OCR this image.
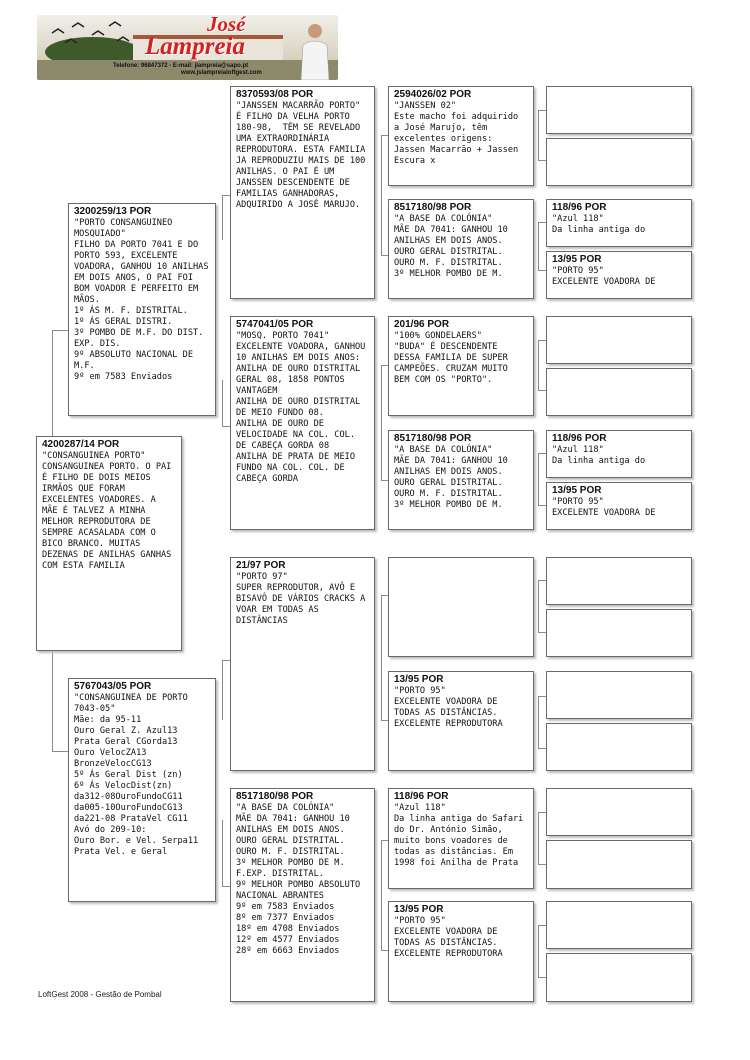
José
Lampreia
Telefone: 96847372 - E-mail: jlampreia@sapo.pt
www.jslampreialoftgest.com
4200287/14 POR
"CONSANGUINEA PORTO"
CONSANGUINEA PORTO. O PAI É FILHO DE DOIS MEIOS IRMÃOS QUE FORAM EXCELENTES VOADORES. A MÃE É TALVEZ A MINHA MELHOR REPRODUTORA DE SEMPRE ACASALADA COM O BICO BRANCO. MUITAS DEZENAS DE ANILHAS GANHAS COM ESTA FAMILIA
3200259/13 POR
"PORTO CONSANGUINEO MOSQUIADO"
FILHO DA PORTO 7041 E DO PORTO 593, EXCELENTE VOADORA, GANHOU 10 ANILHAS EM DOIS ANOS, O PAI FOI BOM VOADOR E PERFEITO EM MÃOS.
1º ÁS M. F. DISTRITAL.
1º ÁS GERAL DISTRI.
3º POMBO DE M.F. DO DIST. EXP. DIS.
9º ABSOLUTO NACIONAL DE M.F.
9º em 7583 Enviados
5767043/05 POR
"CONSANGUINEA DE PORTO 7043-05"
Mãe: da 95-11
Ouro Geral Z. Azul13
Prata Geral CGorda13
Ouro VelocZA13
BronzeVelocCG13
5º Ás Geral Dist (zn)
6º Ás VelocDist(zn)
da312-08OuroFundoCG11
da005-10OuroFundoCG13
da221-08 PrataVel CG11
Avó do 209-10:
Ouro Bor. e Vel. Serpa11
Prata Vel. e Geral
8370593/08 POR
"JANSSEN MACARRÃO PORTO"
É FILHO DA VELHA PORTO 180-98,  TÊM SE REVELADO UMA EXTRAORDINÁRIA REPRODUTORA. ESTA FAMILIA JA REPRODUZIU MAIS DE 100 ANILHAS. O PAI É UM JANSSEN DESCENDENTE DE FAMILIAS GANHADORAS, ADQUIRIDO A JOSÉ MARUJO.
5747041/05 POR
"MOSQ. PORTO 7041"
EXCELENTE VOADORA, GANHOU 10 ANILHAS EM DOIS ANOS:
ANILHA DE OURO DISTRITAL GERAL 08, 1858 PONTOS VANTAGEM
ANILHA DE OURO DISTRITAL DE MEIO FUNDO 08.
ANILHA DE OURO DE VELOCIDADE NA COL. COL. DE CABEÇA GORDA 08
ANILHA DE PRATA DE MEIO FUNDO NA COL. COL. DE CABEÇA GORDA
21/97 POR
"PORTO 97"
SUPER REPRODUTOR, AVÔ E BISAVÔ DE VÁRIOS CRACKS A VOAR EM TODAS AS DISTÂNCIAS
8517180/98 POR
"A BASE DA COLÓNIA"
MÃE DA 7041: GANHOU 10 ANILHAS EM DOIS ANOS.
OURO GERAL DISTRITAL.
OURO M. F. DISTRITAL.
3º MELHOR POMBO DE M. F.EXP. DISTRITAL.
9º MELHOR POMBO ABSOLUTO NACIONAL ABRANTES
9º em 7583 Enviados
8º em 7377 Enviados
18º em 4708 Enviados
12º em 4577 Enviados
28º em 6663 Enviados
2594026/02 POR
"JANSSEN 02"
Este macho foi adquirido a José Marujo, têm excelentes origens: Jassen Macarrão + Jassen Escura x
8517180/98 POR
"A BASE DA COLÓNIA"
MÃE DA 7041: GANHOU 10 ANILHAS EM DOIS ANOS.
OURO GERAL DISTRITAL.
OURO M. F. DISTRITAL.
3º MELHOR POMBO DE M.
201/96 POR
"100% GONDELAERS"
"BUDA" É DESCENDENTE DESSA FAMILIA DE SUPER CAMPEÕES. CRUZAM MUITO BEM COM OS "PORTO".
8517180/98 POR
"A BASE DA COLÓNIA"
MÃE DA 7041: GANHOU 10 ANILHAS EM DOIS ANOS.
OURO GERAL DISTRITAL.
OURO M. F. DISTRITAL.
3º MELHOR POMBO DE M.
13/95 POR
"PORTO 95"
EXCELENTE VOADORA DE TODAS AS DISTÂNCIAS.
EXCELENTE REPRODUTORA
118/96 POR
"Azul 118"
Da linha antiga do Safari do Dr. António Simão, muito bons voadores de todas as distâncias. Em 1998 foi Anilha de Prata
13/95 POR
"PORTO 95"
EXCELENTE VOADORA DE TODAS AS DISTÂNCIAS.
EXCELENTE REPRODUTORA
118/96 POR
"Azul 118"
Da linha antiga do
13/95 POR
"PORTO 95"
EXCELENTE VOADORA DE
118/96 POR
"Azul 118"
Da linha antiga do
13/95 POR
"PORTO 95"
EXCELENTE VOADORA DE
LoftGest 2008 - Gestão de Pombal
